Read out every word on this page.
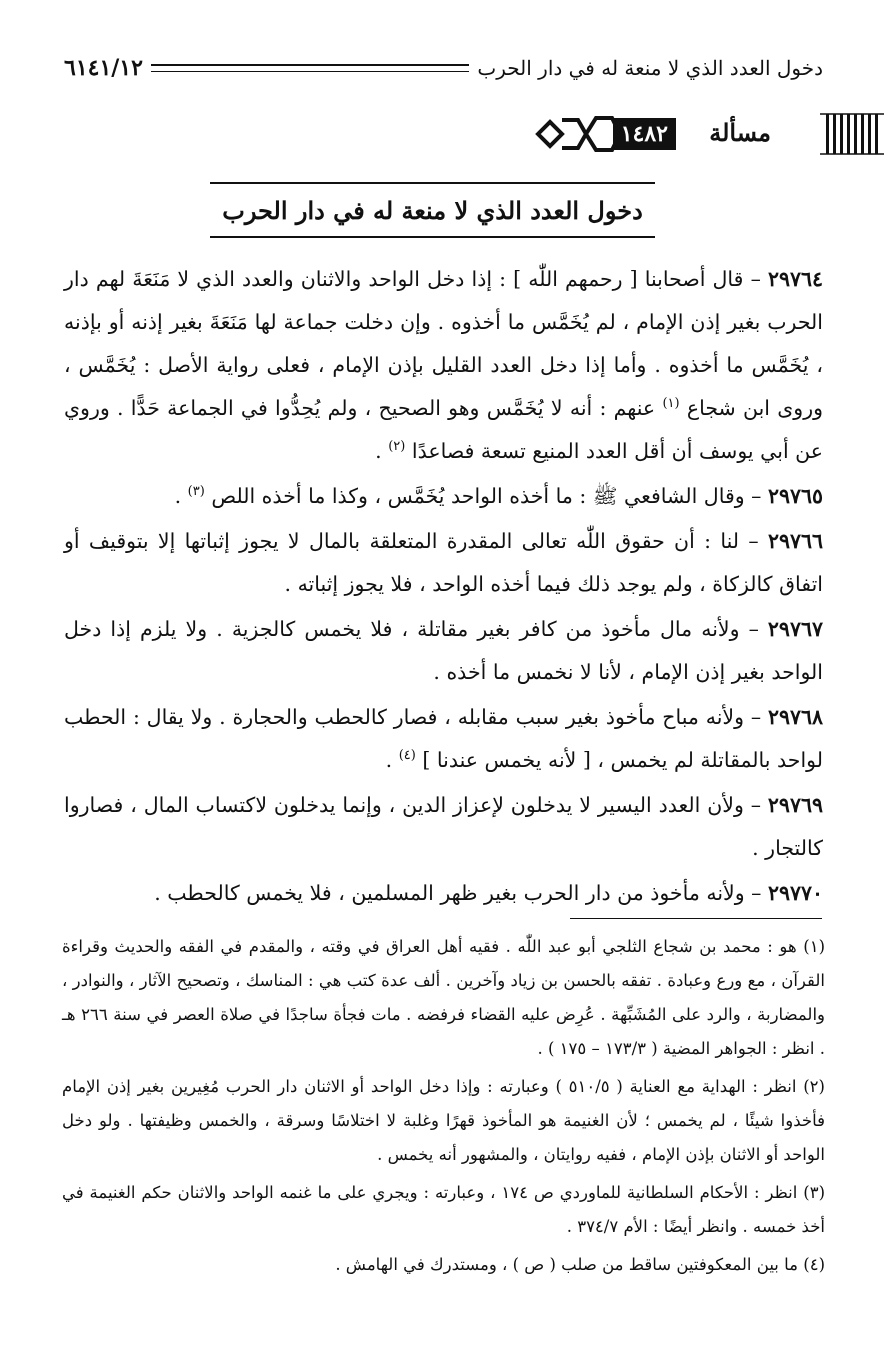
دخول العدد الذي لا منعة له في دار الحرب
٦١٤١/١٢
مسألة
١٤٨٢
دخول العدد الذي لا منعة له في دار الحرب

٢٩٧٦٤ – قال أصحابنا [ رحمهم اللّٰه ] : إذا دخل الواحد والاثنان والعدد الذي لا مَنَعَةَ لهم دار الحرب بغير إذن الإمام ، لم يُخَمَّس ما أخذوه . وإن دخلت جماعة لها مَنَعَةَ بغير إذنه أو بإذنه ، يُخَمَّس ما أخذوه . وأما إذا دخل العدد القليل بإذن الإمام ، فعلى رواية الأصل : يُخَمَّس ، وروى ابن شجاع $^{(١)}$ عنهم : أنه لا يُخَمَّس وهو الصحيح ، ولم يُحِدُّوا في الجماعة حَدًّا . وروي عن أبي يوسف أن أقل العدد المنيع تسعة فصاعدًا $^{(٢)}$ .

٢٩٧٦٥ – وقال الشافعي ﷺ : ما أخذه الواحد يُخَمَّس ، وكذا ما أخذه اللص $^{(٣)}$ .

٢٩٧٦٦ – لنا : أن حقوق اللّٰه تعالى المقدرة المتعلقة بالمال لا يجوز إثباتها إلا بتوقيف أو اتفاق كالزكاة ، ولم يوجد ذلك فيما أخذه الواحد ، فلا يجوز إثباته .

٢٩٧٦٧ – ولأنه مال مأخوذ من كافر بغير مقاتلة ، فلا يخمس كالجزية . ولا يلزم إذا دخل الواحد بغير إذن الإمام ، لأنا لا نخمس ما أخذه .

٢٩٧٦٨ – ولأنه مباح مأخوذ بغير سبب مقابله ، فصار كالحطب والحجارة . ولا يقال : الحطب لواحد بالمقاتلة لم يخمس ، [ لأنه يخمس عندنا ] $^{(٤)}$ .

٢٩٧٦٩ – ولأن العدد اليسير لا يدخلون لإعزاز الدين ، وإنما يدخلون لاكتساب المال ، فصاروا كالتجار .

٢٩٧٧٠ – ولأنه مأخوذ من دار الحرب بغير ظهر المسلمين ، فلا يخمس كالحطب .

(١) هو : محمد بن شجاع الثلجي أبو عبد اللّٰه . فقيه أهل العراق في وقته ، والمقدم في الفقه والحديث وقراءة القرآن ، مع ورع وعبادة . تفقه بالحسن بن زياد وآخرين . ألف عدة كتب هي : المناسك ، وتصحيح الآثار ، والنوادر ، والمضاربة ، والرد على المُشَبِّهة . عُرِض عليه القضاء فرفضه . مات فجأة ساجدًا في صلاة العصر في سنة ٢٦٦ هـ . انظر : الجواهر المضية ( ١٧٣/٣ – ١٧٥ ) .

(٢) انظر : الهداية مع العناية ( ٥١٠/٥ ) وعبارته : وإذا دخل الواحد أو الاثنان دار الحرب مُغِيرين بغير إذن الإمام فأخذوا شيئًا ، لم يخمس ؛ لأن الغنيمة هو المأخوذ قهرًا وغلبة لا اختلاسًا وسرقة ، والخمس وظيفتها . ولو دخل الواحد أو الاثنان بإذن الإمام ، ففيه روايتان ، والمشهور أنه يخمس .

(٣) انظر : الأحكام السلطانية للماوردي ص ١٧٤ ، وعبارته : ويجري على ما غنمه الواحد والاثنان حكم الغنيمة في أخذ خمسه . وانظر أيضًا : الأم ٣٧٤/٧ .

(٤) ما بين المعكوفتين ساقط من صلب ( ص ) ، ومستدرك في الهامش .
